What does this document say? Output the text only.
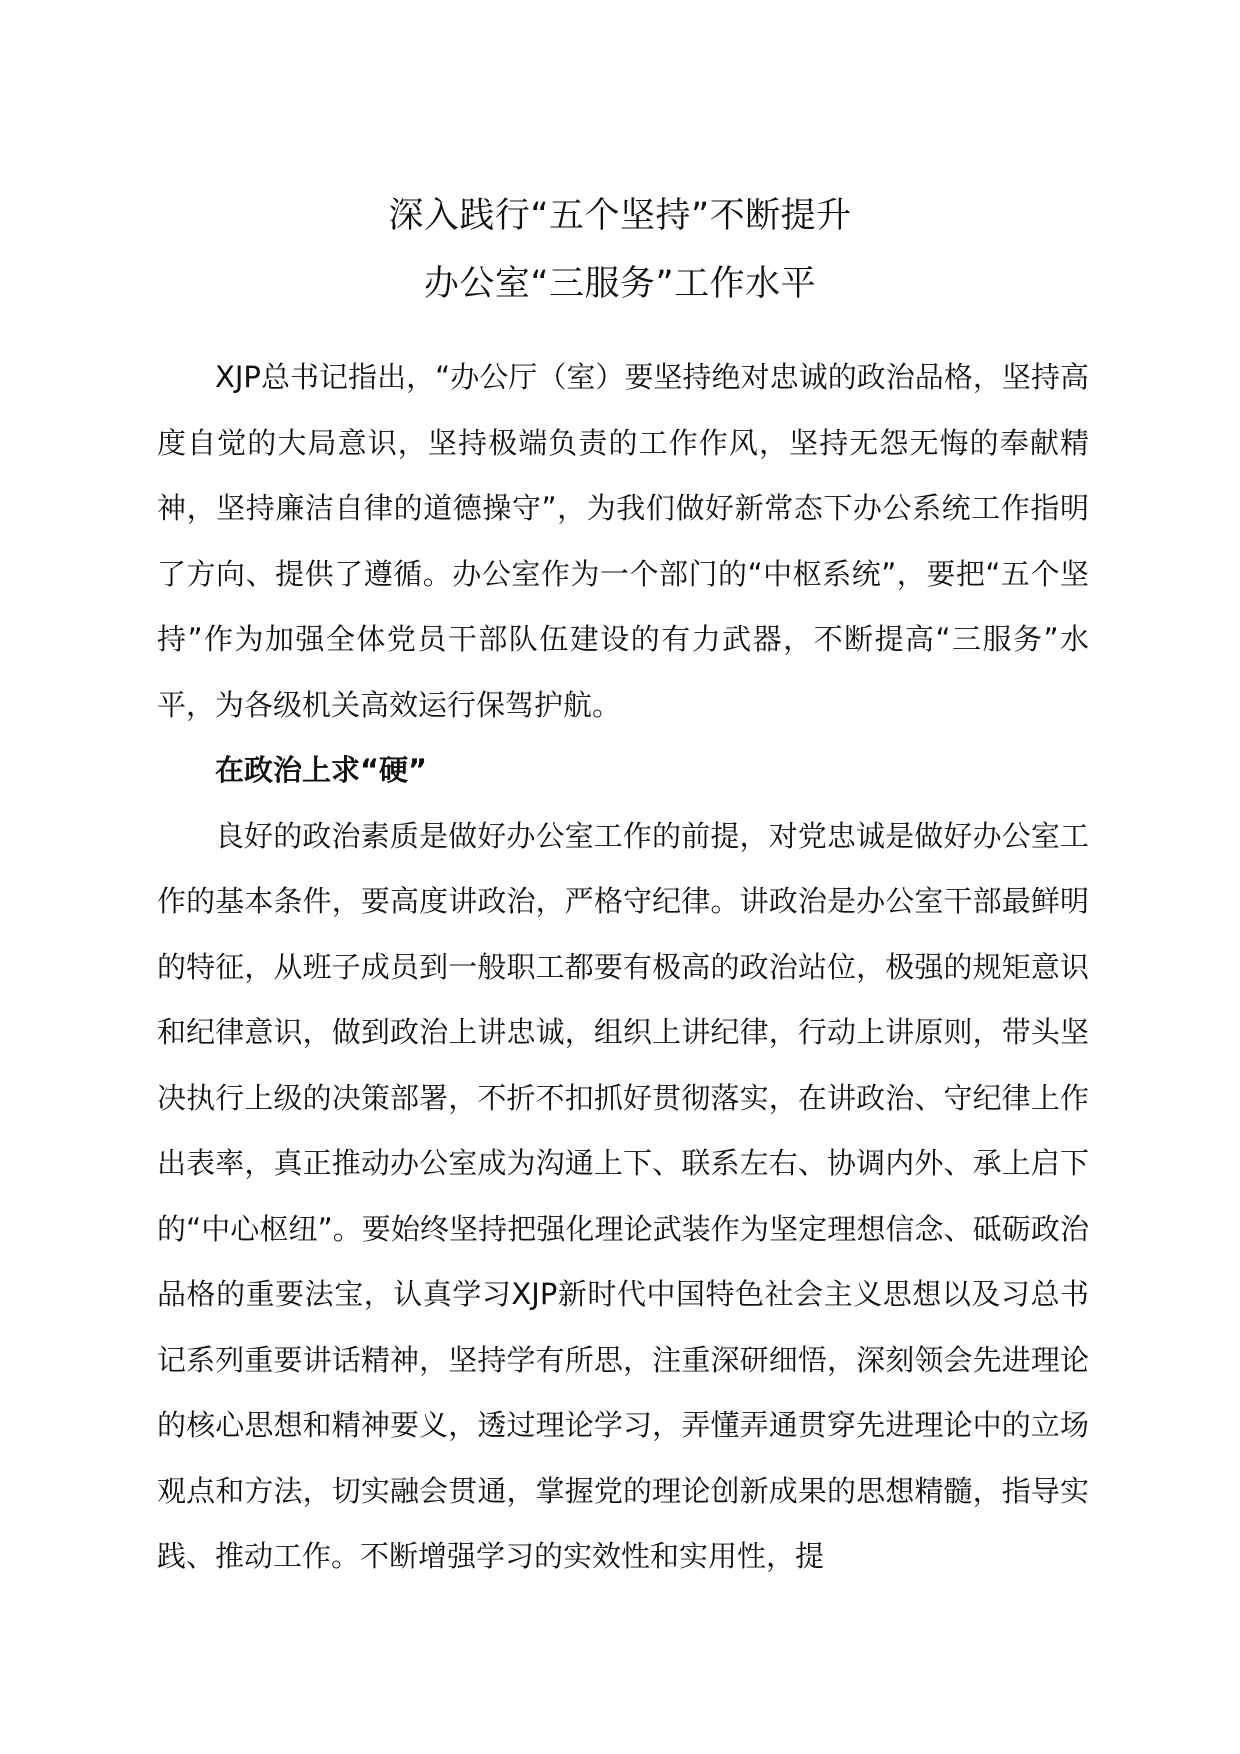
深入践行“五个坚持”不断提升
办公室“三服务”工作水平

XJP总书记指出，“办公厅（室）要坚持绝对忠诚的政治品格，坚持高度自觉的大局意识，坚持极端负责的工作作风，坚持无怨无悔的奉献精神，坚持廉洁自律的道德操守”，为我们做好新常态下办公系统工作指明了方向、提供了遵循。办公室作为一个部门的“中枢系统”，要把“五个坚持”作为加强全体党员干部队伍建设的有力武器，不断提高“三服务”水平，为各级机关高效运行保驾护航。

在政治上求“硬”

良好的政治素质是做好办公室工作的前提，对党忠诚是做好办公室工作的基本条件，要高度讲政治，严格守纪律。讲政治是办公室干部最鲜明的特征，从班子成员到一般职工都要有极高的政治站位，极强的规矩意识和纪律意识，做到政治上讲忠诚，组织上讲纪律，行动上讲原则，带头坚决执行上级的决策部署，不折不扣抓好贯彻落实，在讲政治、守纪律上作出表率，真正推动办公室成为沟通上下、联系左右、协调内外、承上启下的“中心枢纽”。要始终坚持把强化理论武装作为坚定理想信念、砥砺政治品格的重要法宝，认真学习XJP新时代中国特色社会主义思想以及习总书记系列重要讲话精神，坚持学有所思，注重深研细悟，深刻领会先进理论的核心思想和精神要义，透过理论学习，弄懂弄通贯穿先进理论中的立场观点和方法，切实融会贯通，掌握党的理论创新成果的思想精髓，指导实践、推动工作。不断增强学习的实效性和实用性，提
